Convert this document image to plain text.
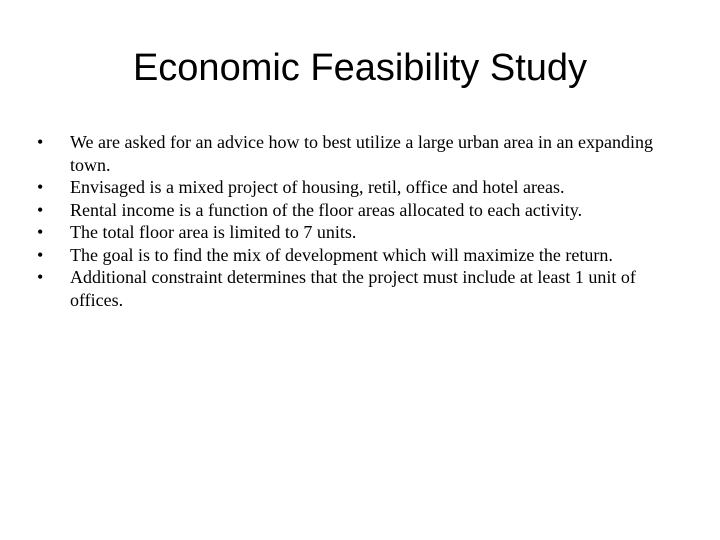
Economic Feasibility Study
•	We are asked for an advice how to best utilize a large urban area in an expanding town.
•	Envisaged is a mixed project of housing, retil, office and hotel areas.
•	Rental income is a function of the floor areas allocated to each activity.
•	The total floor area is limited to 7 units.
•	The goal is to find the mix of development which will maximize the return.
•	Additional constraint determines that the project must include at least 1 unit of offices.
